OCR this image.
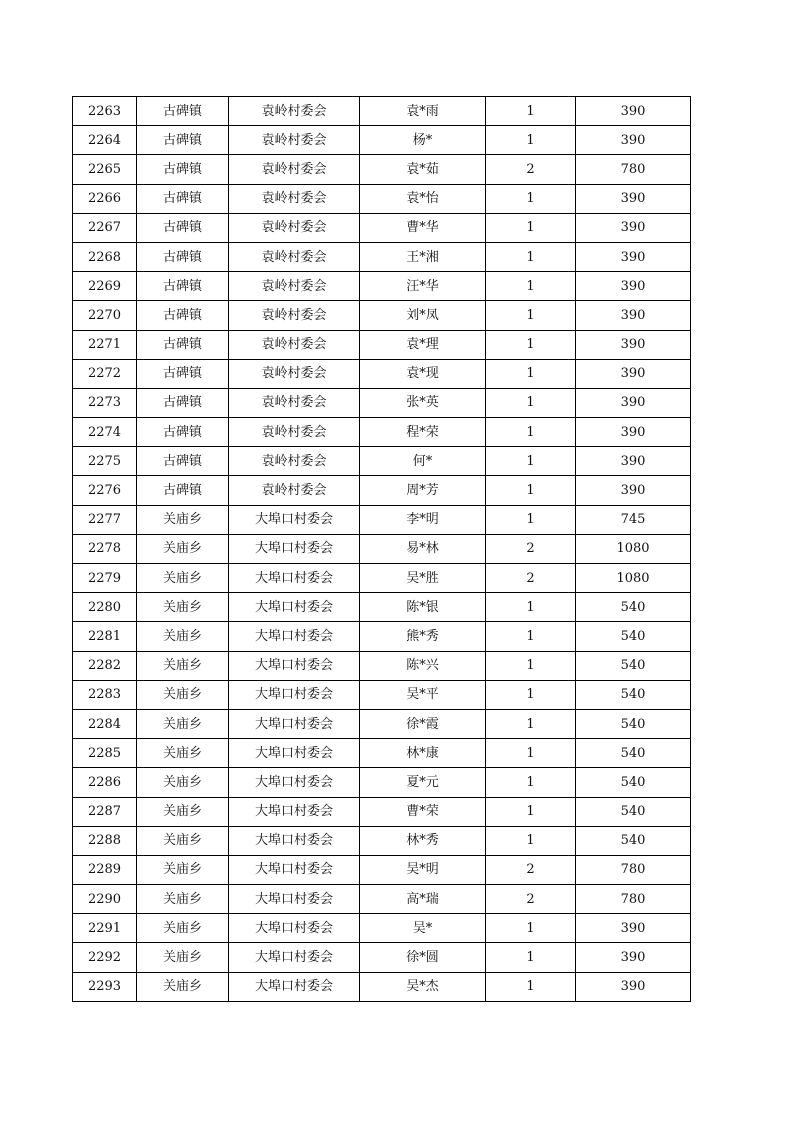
2263	古碑镇	袁岭村委会	袁*雨	1	390
2264	古碑镇	袁岭村委会	杨*	1	390
2265	古碑镇	袁岭村委会	袁*茹	2	780
2266	古碑镇	袁岭村委会	袁*怡	1	390
2267	古碑镇	袁岭村委会	曹*华	1	390
2268	古碑镇	袁岭村委会	王*湘	1	390
2269	古碑镇	袁岭村委会	汪*华	1	390
2270	古碑镇	袁岭村委会	刘*凤	1	390
2271	古碑镇	袁岭村委会	袁*理	1	390
2272	古碑镇	袁岭村委会	袁*现	1	390
2273	古碑镇	袁岭村委会	张*英	1	390
2274	古碑镇	袁岭村委会	程*荣	1	390
2275	古碑镇	袁岭村委会	何*	1	390
2276	古碑镇	袁岭村委会	周*芳	1	390
2277	关庙乡	大埠口村委会	李*明	1	745
2278	关庙乡	大埠口村委会	易*林	2	1080
2279	关庙乡	大埠口村委会	吴*胜	2	1080
2280	关庙乡	大埠口村委会	陈*银	1	540
2281	关庙乡	大埠口村委会	熊*秀	1	540
2282	关庙乡	大埠口村委会	陈*兴	1	540
2283	关庙乡	大埠口村委会	吴*平	1	540
2284	关庙乡	大埠口村委会	徐*霞	1	540
2285	关庙乡	大埠口村委会	林*康	1	540
2286	关庙乡	大埠口村委会	夏*元	1	540
2287	关庙乡	大埠口村委会	曹*荣	1	540
2288	关庙乡	大埠口村委会	林*秀	1	540
2289	关庙乡	大埠口村委会	吴*明	2	780
2290	关庙乡	大埠口村委会	高*瑞	2	780
2291	关庙乡	大埠口村委会	吴*	1	390
2292	关庙乡	大埠口村委会	徐*圆	1	390
2293	关庙乡	大埠口村委会	吴*杰	1	390
